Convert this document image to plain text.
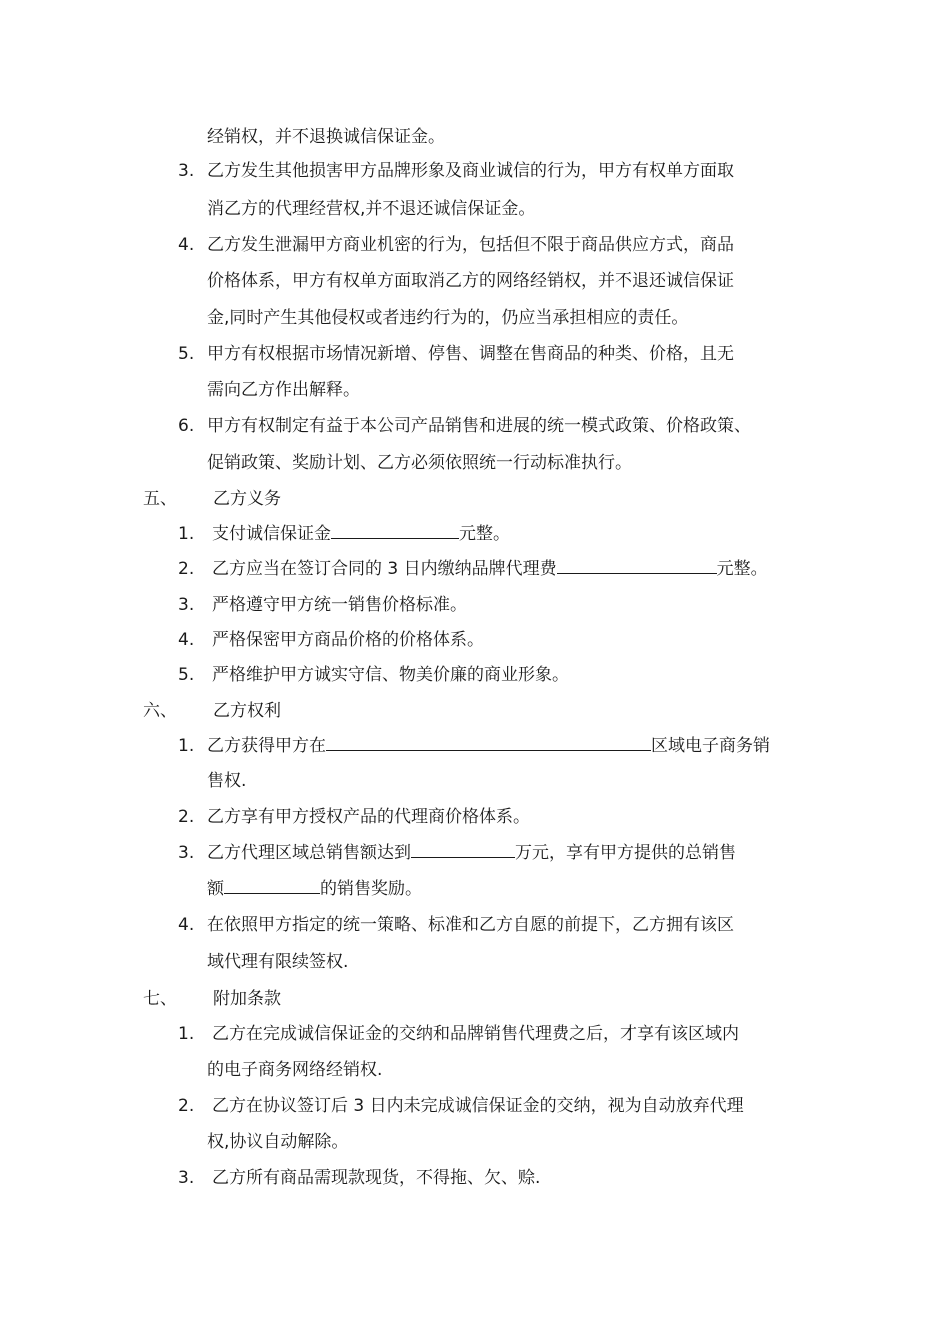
经销权，并不退换诚信保证金。
3. 乙方发生其他损害甲方品牌形象及商业诚信的行为，甲方有权单方面取
消乙方的代理经营权,并不退还诚信保证金。
4. 乙方发生泄漏甲方商业机密的行为，包括但不限于商品供应方式，商品
价格体系，甲方有权单方面取消乙方的网络经销权，并不退还诚信保证
金,同时产生其他侵权或者违约行为的，仍应当承担相应的责任。
5. 甲方有权根据市场情况新增、停售、调整在售商品的种类、价格，且无
需向乙方作出解释。
6. 甲方有权制定有益于本公司产品销售和进展的统一模式政策、价格政策、
促销政策、奖励计划、乙方必须依照统一行动标准执行。
五、 乙方义务
1.	支付诚信保证金	元整。
2.	乙方应当在签订合同的 3 日内缴纳品牌代理费	元整。
3.	严格遵守甲方统一销售价格标准。
4.	严格保密甲方商品价格的价格体系。
5.	严格维护甲方诚实守信、物美价廉的商业形象。
六、 乙方权利
1. 乙方获得甲方在	区域电子商务销
售权.
2. 乙方享有甲方授权产品的代理商价格体系。
3. 乙方代理区域总销售额达到	万元，享有甲方提供的总销售
额	的销售奖励。
4. 在依照甲方指定的统一策略、标准和乙方自愿的前提下，乙方拥有该区
域代理有限续签权.
七、 附加条款
1.	乙方在完成诚信保证金的交纳和品牌销售代理费之后，才享有该区域内
的电子商务网络经销权.
2.	乙方在协议签订后 3 日内未完成诚信保证金的交纳，视为自动放弃代理
权,协议自动解除。
3.	乙方所有商品需现款现货，不得拖、欠、赊.
